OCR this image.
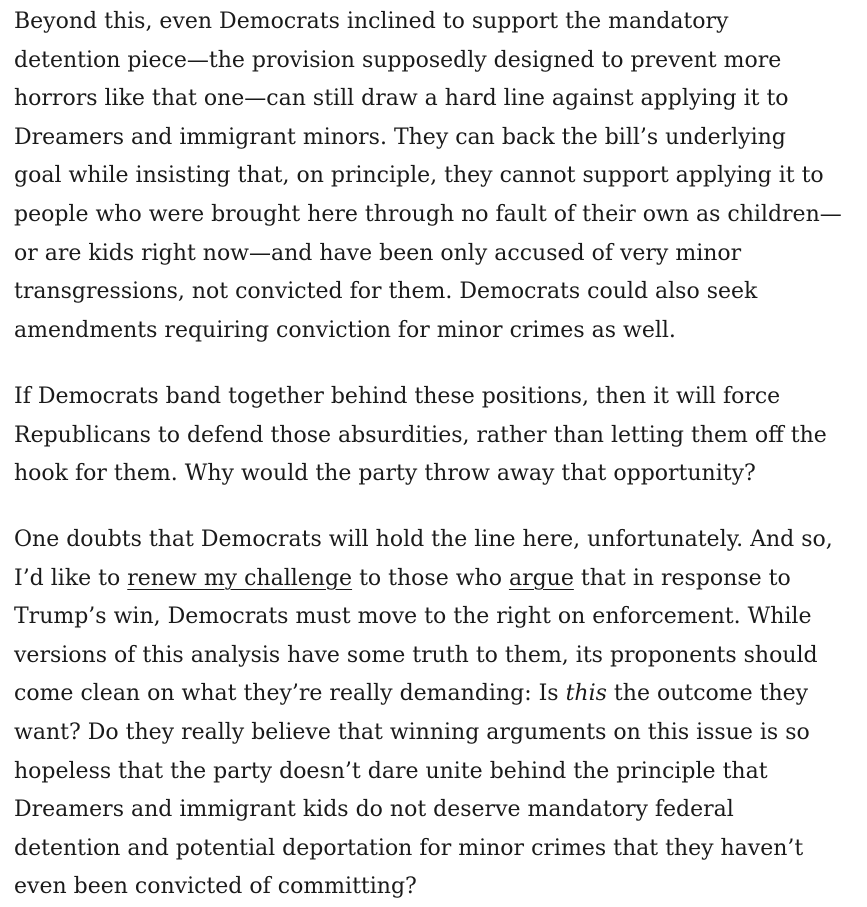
Beyond this, even Democrats inclined to support the mandatory
detention piece—the provision supposedly designed to prevent more
horrors like that one—can still draw a hard line against applying it to
Dreamers and immigrant minors. They can back the bill’s underlying
goal while insisting that, on principle, they cannot support applying it to
people who were brought here through no fault of their own as children—
or are kids right now—and have been only accused of very minor
transgressions, not convicted for them. Democrats could also seek
amendments requiring conviction for minor crimes as well.

If Democrats band together behind these positions, then it will force
Republicans to defend those absurdities, rather than letting them off the
hook for them. Why would the party throw away that opportunity?

One doubts that Democrats will hold the line here, unfortunately. And so,
I’d like to renew my challenge to those who argue that in response to
Trump’s win, Democrats must move to the right on enforcement. While
versions of this analysis have some truth to them, its proponents should
come clean on what they’re really demanding: Is this the outcome they
want? Do they really believe that winning arguments on this issue is so
hopeless that the party doesn’t dare unite behind the principle that
Dreamers and immigrant kids do not deserve mandatory federal
detention and potential deportation for minor crimes that they haven’t
even been convicted of committing?
